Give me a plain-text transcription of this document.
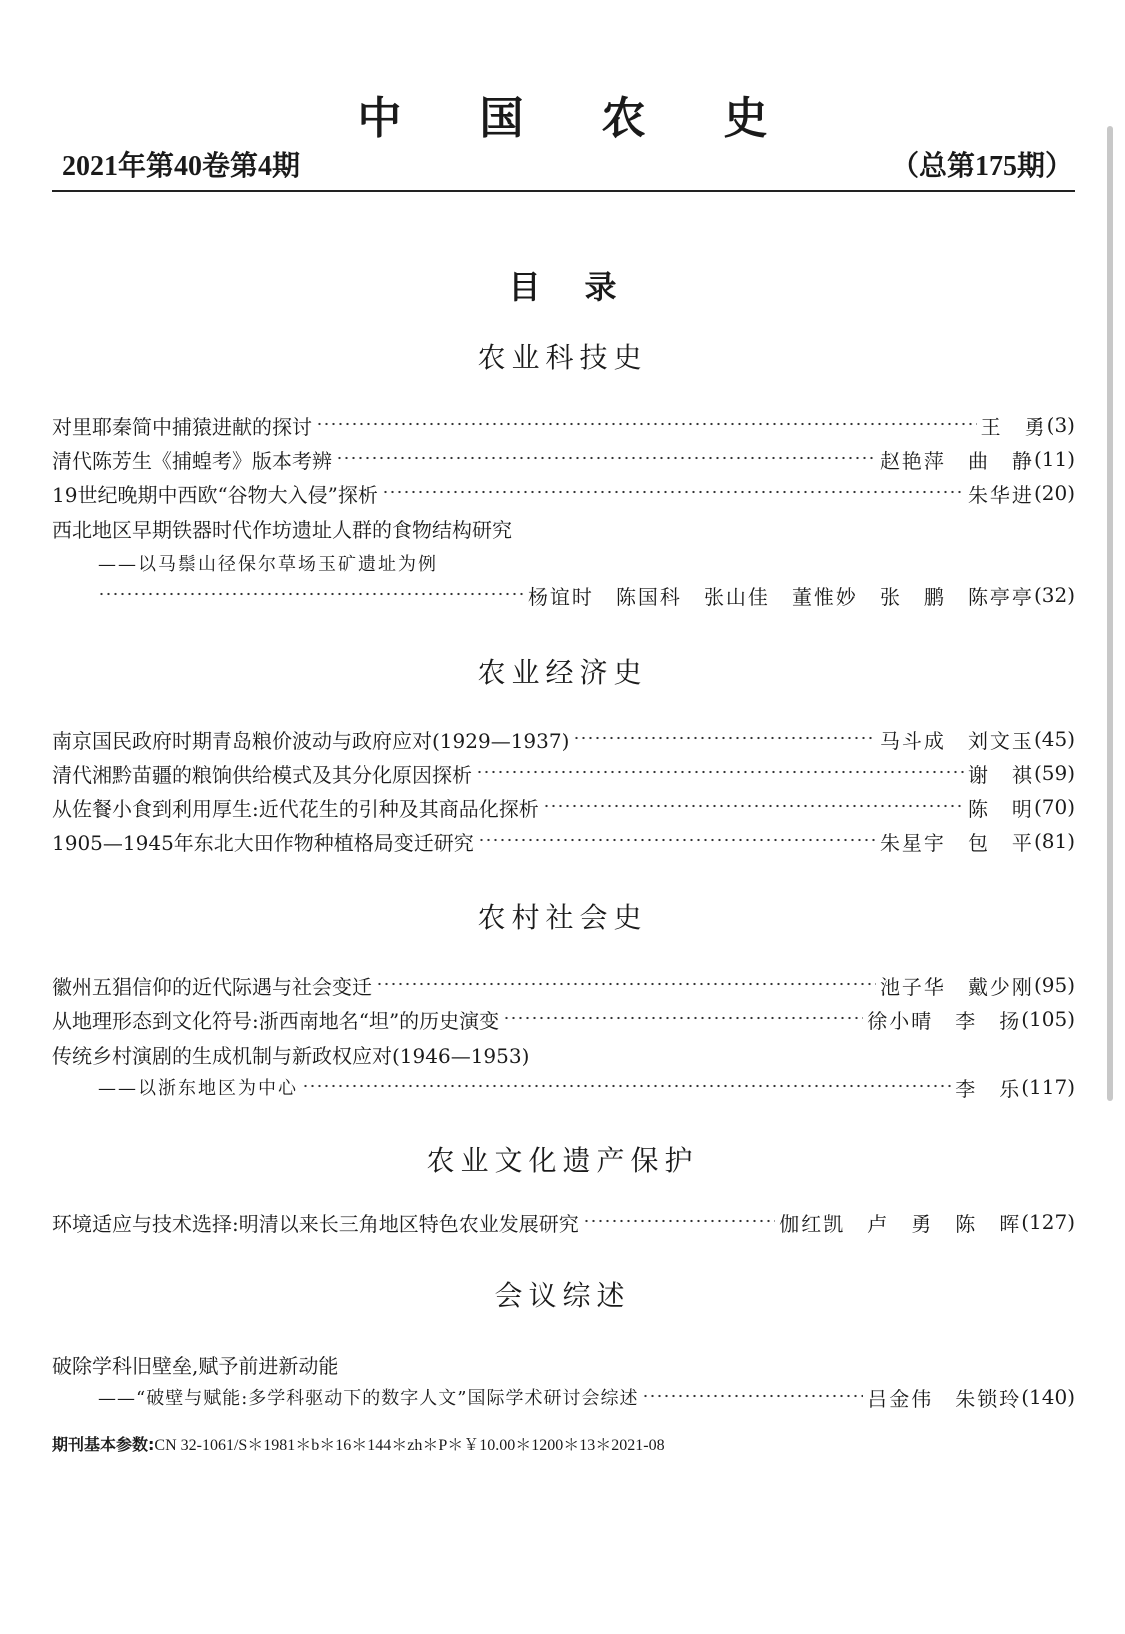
中国农史
2021年第40卷第4期	（总第175期）
目录
农业科技史
对里耶秦简中捕猿进献的探讨	王　勇 (3)
清代陈芳生《捕蝗考》版本考辨	赵艳萍 曲　静 (11)
19世纪晚期中西欧“谷物大入侵”探析	朱华进 (20)
西北地区早期铁器时代作坊遗址人群的食物结构研究
——以马鬃山径保尔草场玉矿遗址为例
杨谊时 陈国科 张山佳 董惟妙 张　鹏 陈亭亭 (32)
农业经济史
南京国民政府时期青岛粮价波动与政府应对(1929—1937)	马斗成 刘文玉 (45)
清代湘黔苗疆的粮饷供给模式及其分化原因探析	谢　祺 (59)
从佐餐小食到利用厚生:近代花生的引种及其商品化探析	陈　明 (70)
1905—1945年东北大田作物种植格局变迁研究	朱星宇 包　平 (81)
农村社会史
徽州五猖信仰的近代际遇与社会变迁	池子华 戴少刚 (95)
从地理形态到文化符号:浙西南地名“坦”的历史演变	徐小晴 李　扬 (105)
传统乡村演剧的生成机制与新政权应对(1946—1953)
——以浙东地区为中心	李　乐 (117)
农业文化遗产保护
环境适应与技术选择:明清以来长三角地区特色农业发展研究	伽红凯 卢　勇 陈　晖 (127)
会议综述
破除学科旧壁垒,赋予前进新动能
——“破壁与赋能:多学科驱动下的数字人文”国际学术研讨会综述	吕金伟 朱锁玲 (140)
期刊基本参数:CN 32-1061/S＊1981＊b＊16＊144＊zh＊P＊￥10.00＊1200＊13＊2021-08
